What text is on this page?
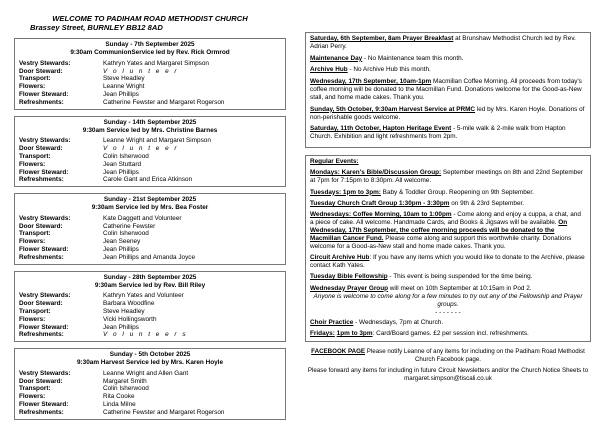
WELCOME TO PADIHAM ROAD METHODIST CHURCH
Brassey Street, BURNLEY BB12 8AD
Sunday - 7th September 2025
9:30am CommunionService led by Rev. Rick Ormrod
Vestry Stewards:	Kathryn Yates and Margaret Simpson
Door Steward:	V o l u n t e e r
Transport:	Steve Headley
Flowers:	Leanne Wright
Flower Steward:	Jean Phillips
Refreshments:	Catherine Fewster and Margaret Rogerson
Sunday - 14th September 2025
9:30am Service led by Mrs. Christine Barnes
Vestry Stewards:	Leanne Wright and Margaret Simpson
Door Steward:	V o l u n t e e r
Transport:	Colin Isherwood
Flowers:	Jean Stuttard
Flower Steward:	Jean Phillips
Refreshments:	Carole Gant and Erica Atkinson
Sunday - 21st September 2025
9:30am Service led by Mrs. Bea Foster
Vestry Stewards:	Kate Daggett and Volunteer
Door Steward:	Catherine Fewster
Transport:	Colin Isherwood
Flowers:	Jean Seeney
Flower Steward:	Jean Phillips
Refreshments:	Jean Phillips and Amanda Joyce
Sunday - 28th September 2025
9:30am Service led by Rev. Bill Riley
Vestry Stewards:	Kathryn Yates and Volunteer
Door Steward:	Barbara Woodfine
Transport:	Steve Headley
Flowers:	Vicki Hollingsworth
Flower Steward:	Jean Phillips
Refreshments:	V o l u n t e e r s
Sunday - 5th October 2025
9:30am Harvest Service led by Mrs. Karen Hoyle
Vestry Stewards:	Leanne Wright and Allen Gant
Door Steward:	Margaret Smith
Transport:	Colin Isherwood
Flowers:	Rita Cooke
Flower Steward:	Linda Milne
Refreshments:	Catherine Fewster and Margaret Rogerson

Saturday, 6th September, 8am Prayer Breakfast at Brunshaw Methodist Church led by Rev. Adrian Perry.

Maintenance Day - No Maintenance team this month.

Archive Hub - No Archive Hub this month.

Wednesday, 17th September, 10am-1pm Macmillan Coffee Morning. All proceeds from today's coffee morning will be donated to the Macmillan Fund. Donations welcome for the Good-as-New stall, and home made cakes. Thank you.

Sunday, 5th October, 9:30am Harvest Service at PRMC led by Mrs. Karen Hoyle. Donations of non-perishable goods welcome.

Saturday, 11th October, Hapton Heritage Event - 5-mile walk & 2-mile walk from Hapton Church. Exhibition and light refreshments from 2pm.

Regular Events:

Mondays: Karen's Bible/Discussion Group: September meetings on 8th and 22nd September at 7pm for 7:15pm to 8:30pm. All welcome.

Tuesdays: 1pm to 3pm: Baby & Toddler Group. Reopening on 9th September.

Tuesday Church Craft Group 1:30pm - 3:30pm on 9th & 23rd September.

Wednesdays: Coffee Morning, 10am to 1:00pm - Come along and enjoy a cuppa, a chat, and a piece of cake. All welcome. Handmade Cards, and Books & Jigsaws will be available. On Wednesday, 17th September, the coffee morning proceeds will be donated to the Macmillan Cancer Fund. Please come along and support this worthwhile charity. Donations welcome for a Good-as-New stall and home made cakes. Thank you.

Circuit Archive Hub: If you have any items which you would like to donate to the Archive, please contact Kath Yates.

Tuesday Bible Fellowship - This event is being suspended for the time being.

Wednesday Prayer Group will meet on 10th September at 10:15am in Pod 2.

Anyone is welcome to come along for a few minutes to try out any of the Fellowship and Prayer groups.

- - - - - - -

Choir Practice - Wednesdays, 7pm at Church.

Fridays: 1pm to 3pm: Card/Board games. £2 per session incl. refreshments.

FACEBOOK PAGE Please notify Leanne of any items for including on the Padiham Road Methodist Church Facebook page.

Please forward any items for including in future Circuit Newsletters and/or the Church Notice Sheets to margaret.simpson@tiscali.co.uk
